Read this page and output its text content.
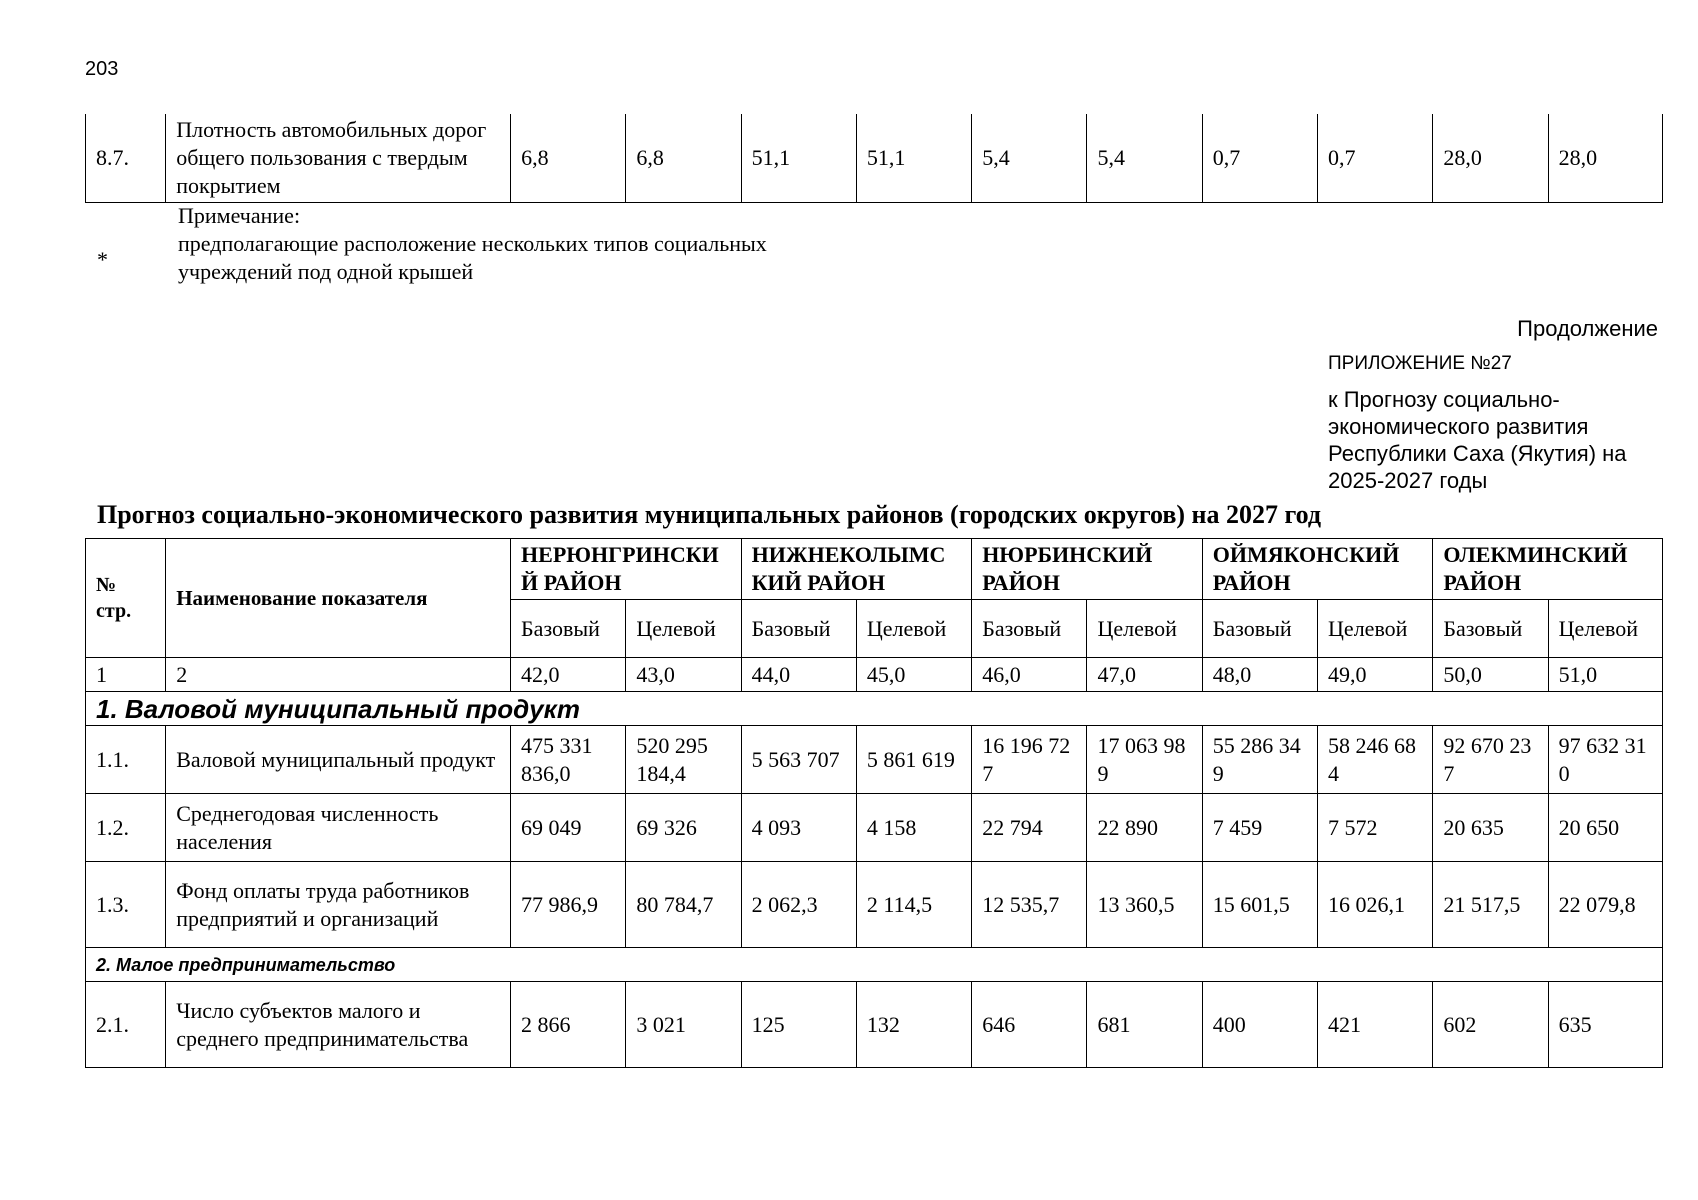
203
8.7.	Плотность автомобильных дорог общего пользования с твердым покрытием	6,8	6,8	51,1	51,1	5,4	5,4	0,7	0,7	28,0	28,0
*
Примечание:
предполагающие расположение нескольких типов социальных
учреждений под одной крышей
Продолжение
ПРИЛОЖЕНИЕ №27
к Прогнозу социально-экономического развития Республики Саха (Якутия) на 2025-2027 годы
Прогноз социально-экономического развития муниципальных районов (городских округов) на 2027 год
№ стр.	Наименование показателя	НЕРЮНГРИНСКИЙ РАЙОН		НИЖНЕКОЛЫМСКИЙ РАЙОН		НЮРБИНСКИЙ РАЙОН		ОЙМЯКОНСКИЙ РАЙОН		ОЛЕКМИНСКИЙ РАЙОН	
		Базовый	Целевой	Базовый	Целевой	Базовый	Целевой	Базовый	Целевой	Базовый	Целевой
1	2	42,0	43,0	44,0	45,0	46,0	47,0	48,0	49,0	50,0	51,0
1. Валовой муниципальный продукт											
1.1.	Валовой муниципальный продукт	475 331 836,0	520 295 184,4	5 563 707	5 861 619	16 196 727	17 063 989	55 286 349	58 246 684	92 670 237	97 632 310
1.2.	Среднегодовая численность населения	69 049	69 326	4 093	4 158	22 794	22 890	7 459	7 572	20 635	20 650
1.3.	Фонд оплаты труда работников предприятий и организаций	77 986,9	80 784,7	2 062,3	2 114,5	12 535,7	13 360,5	15 601,5	16 026,1	21 517,5	22 079,8
2. Малое предпринимательство											
2.1.	Число субъектов малого и среднего предпринимательства	2 866	3 021	125	132	646	681	400	421	602	635
